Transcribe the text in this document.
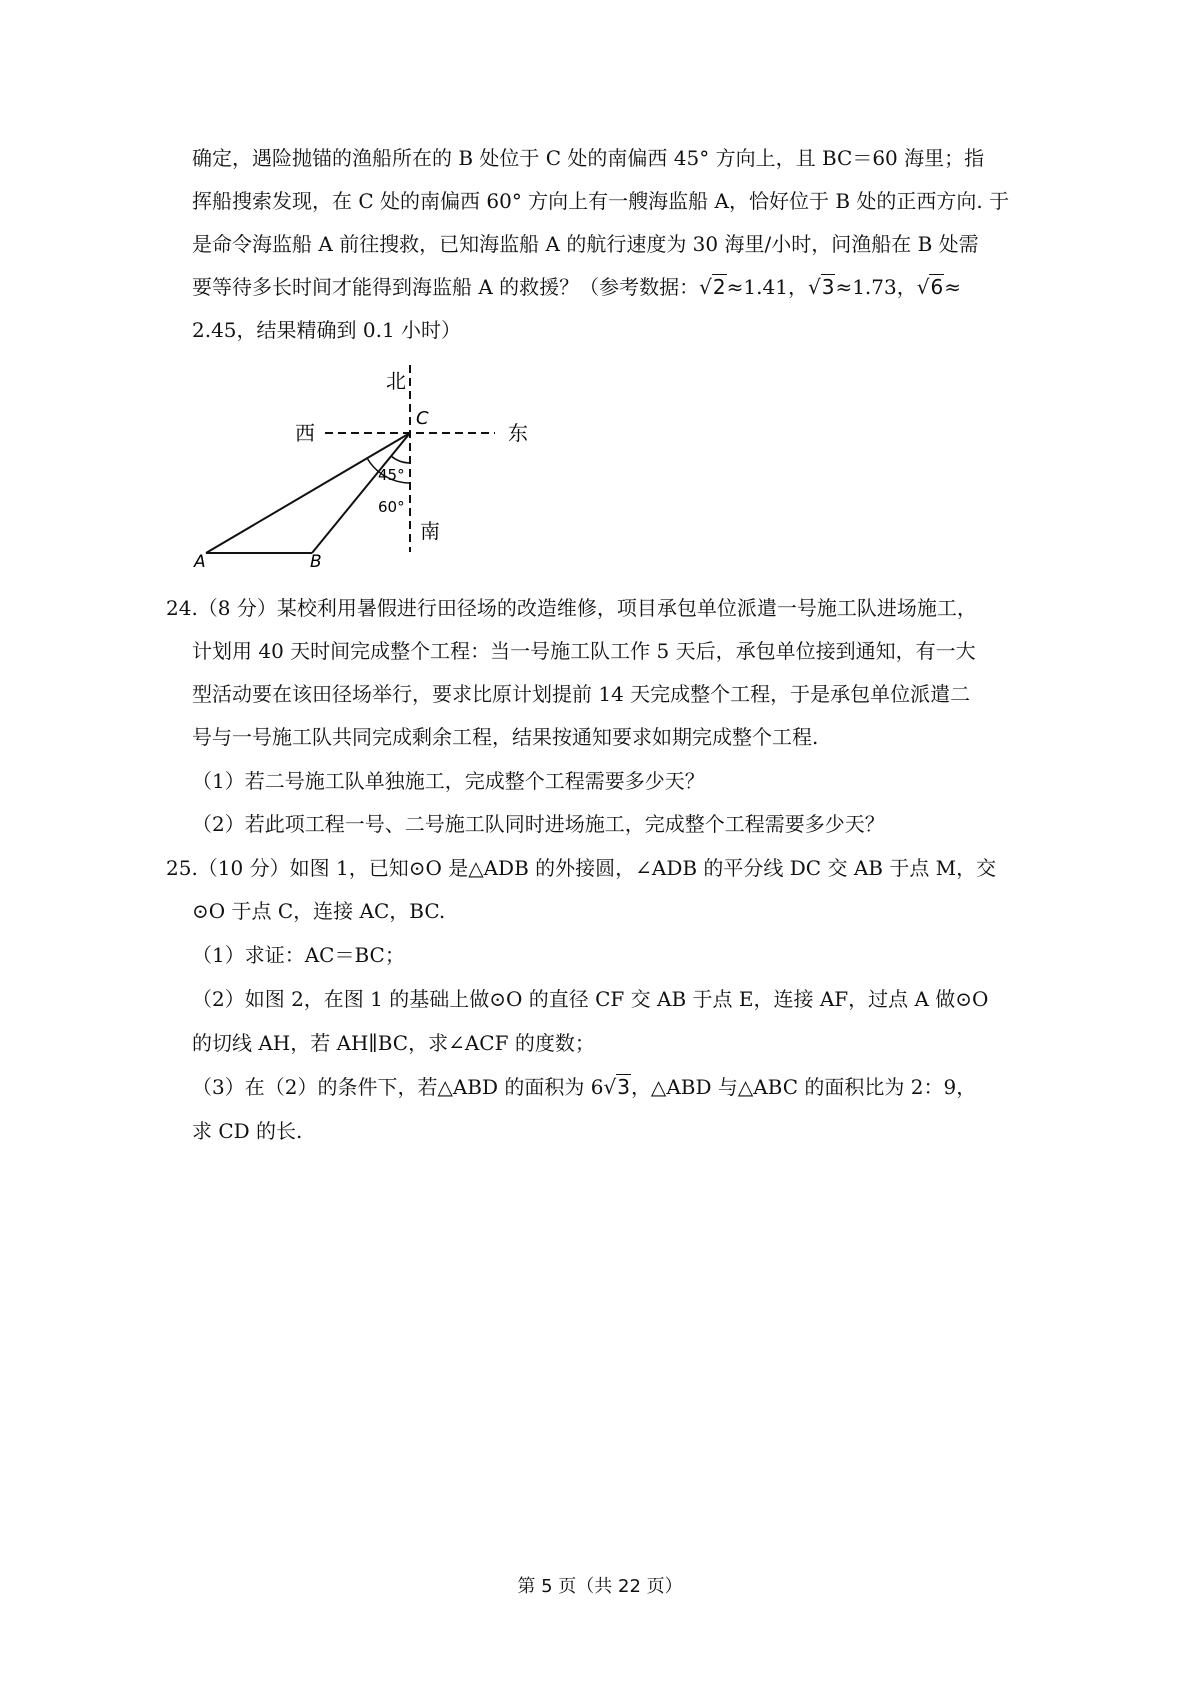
确定，遇险抛锚的渔船所在的 B 处位于 C 处的南偏西 45° 方向上，且 BC＝60 海里；指
挥船搜索发现，在 C 处的南偏西 60° 方向上有一艘海监船 A，恰好位于 B 处的正西方向. 于
是命令海监船 A 前往搜救，已知海监船 A 的航行速度为 30 海里/小时，问渔船在 B 处需
要等待多长时间才能得到海监船 A 的救援？（参考数据：√2≈1.41，√3≈1.73，√6≈
2.45，结果精确到 0.1 小时）
北
南
西	东
C
A	B
45°
60°
24.（8 分）某校利用暑假进行田径场的改造维修，项目承包单位派遣一号施工队进场施工，
计划用 40 天时间完成整个工程：当一号施工队工作 5 天后，承包单位接到通知，有一大
型活动要在该田径场举行，要求比原计划提前 14 天完成整个工程，于是承包单位派遣二
号与一号施工队共同完成剩余工程，结果按通知要求如期完成整个工程.
（1）若二号施工队单独施工，完成整个工程需要多少天？
（2）若此项工程一号、二号施工队同时进场施工，完成整个工程需要多少天？
25.（10 分）如图 1，已知⊙O 是△ADB 的外接圆，∠ADB 的平分线 DC 交 AB 于点 M，交
⊙O 于点 C，连接 AC，BC.
（1）求证：AC＝BC；
（2）如图 2，在图 1 的基础上做⊙O 的直径 CF 交 AB 于点 E，连接 AF，过点 A 做⊙O
的切线 AH，若 AH∥BC，求∠ACF 的度数；
（3）在（2）的条件下，若△ABD 的面积为 6√3，△ABD 与△ABC 的面积比为 2：9，
求 CD 的长.
第 5 页（共 22 页）
